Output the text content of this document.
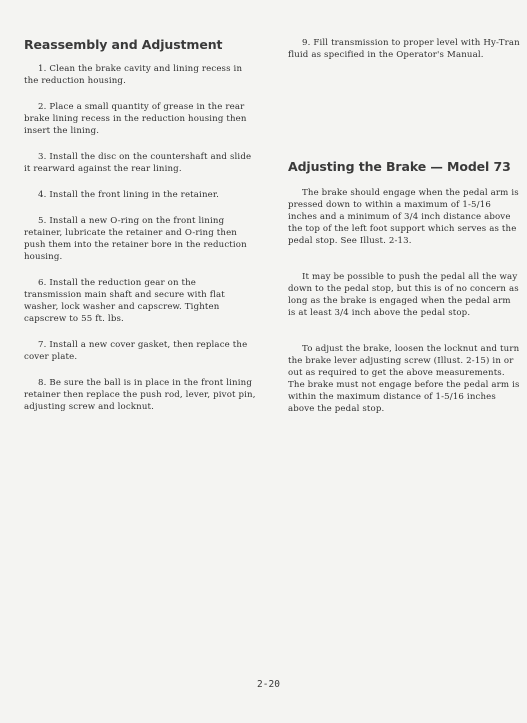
Reassembly and Adjustment

1. Clean the brake cavity and lining recess in the reduction housing.

2. Place a small quantity of grease in the rear brake lining recess in the reduction housing then insert the lining.

3. Install the disc on the countershaft and slide it rearward against the rear lining.

4. Install the front lining in the retainer.

5. Install a new O-ring on the front lining retainer, lubricate the retainer and O-ring then push them into the retainer bore in the reduction housing.

6. Install the reduction gear on the transmission main shaft and secure with flat washer, lock washer and capscrew. Tighten capscrew to 55 ft. lbs.

7. Install a new cover gasket, then replace the cover plate.

8. Be sure the ball is in place in the front lining retainer then replace the push rod, lever, pivot pin, adjusting screw and locknut.

9. Fill transmission to proper level with Hy-Tran fluid as specified in the Operator's Manual.

Adjusting the Brake — Model 73

The brake should engage when the pedal arm is pressed down to within a maximum of 1-5/16 inches and a minimum of 3/4 inch distance above the top of the left foot support which serves as the pedal stop. See Illust. 2-13.

It may be possible to push the pedal all the way down to the pedal stop, but this is of no concern as long as the brake is engaged when the pedal arm is at least 3/4 inch above the pedal stop.

To adjust the brake, loosen the locknut and turn the brake lever adjusting screw (Illust. 2-15) in or out as required to get the above measurements. The brake must not engage before the pedal arm is within the maximum distance of 1-5/16 inches above the pedal stop.

2-20
